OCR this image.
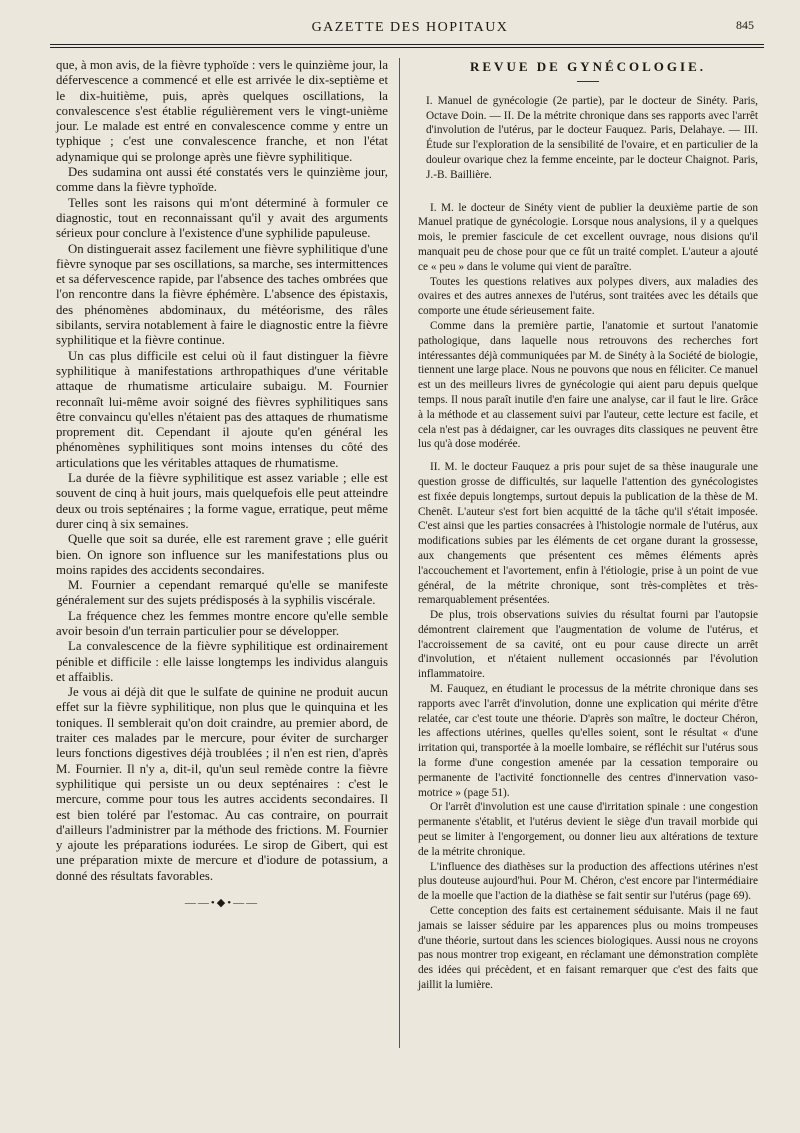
GAZETTE DES HOPITAUX	845

que, à mon avis, de la fièvre typhoïde : vers le quinzième jour, la défervescence a commencé et elle est arrivée le dix-septième et le dix-huitième, puis, après quelques oscillations, la convalescence s'est établie régulièrement vers le vingt-unième jour. Le malade est entré en convalescence comme y entre un typhique ; c'est une convalescence franche, et non l'état adynamique qui se prolonge après une fièvre syphilitique.

Des sudamina ont aussi été constatés vers le quinzième jour, comme dans la fièvre typhoïde.

Telles sont les raisons qui m'ont déterminé à formuler ce diagnostic, tout en reconnaissant qu'il y avait des arguments sérieux pour conclure à l'existence d'une syphilide papuleuse.

On distinguerait assez facilement une fièvre syphilitique d'une fièvre synoque par ses oscillations, sa marche, ses intermittences et sa défervescence rapide, par l'absence des taches ombrées que l'on rencontre dans la fièvre éphémère. L'absence des épistaxis, des phénomènes abdominaux, du météorisme, des râles sibilants, servira notablement à faire le diagnostic entre la fièvre syphilitique et la fièvre continue.

Un cas plus difficile est celui où il faut distinguer la fièvre syphilitique à manifestations arthropathiques d'une véritable attaque de rhumatisme articulaire subaigu. M. Fournier reconnaît lui-même avoir soigné des fièvres syphilitiques sans être convaincu qu'elles n'étaient pas des attaques de rhumatisme proprement dit. Cependant il ajoute qu'en général les phénomènes syphilitiques sont moins intenses du côté des articulations que les véritables attaques de rhumatisme.

La durée de la fièvre syphilitique est assez variable ; elle est souvent de cinq à huit jours, mais quelquefois elle peut atteindre deux ou trois septénaires ; la forme vague, erratique, peut même durer cinq à six semaines.

Quelle que soit sa durée, elle est rarement grave ; elle guérit bien. On ignore son influence sur les manifestations plus ou moins rapides des accidents secondaires.

M. Fournier a cependant remarqué qu'elle se manifeste généralement sur des sujets prédisposés à la syphilis viscérale.

La fréquence chez les femmes montre encore qu'elle semble avoir besoin d'un terrain particulier pour se développer.

La convalescence de la fièvre syphilitique est ordinairement pénible et difficile : elle laisse longtemps les individus alanguis et affaiblis.

Je vous ai déjà dit que le sulfate de quinine ne produit aucun effet sur la fièvre syphilitique, non plus que le quinquina et les toniques. Il semblerait qu'on doit craindre, au premier abord, de traiter ces malades par le mercure, pour éviter de surcharger leurs fonctions digestives déjà troublées ; il n'en est rien, d'après M. Fournier. Il n'y a, dit-il, qu'un seul remède contre la fièvre syphilitique qui persiste un ou deux septénaires : c'est le mercure, comme pour tous les autres accidents secondaires. Il est bien toléré par l'estomac. Au cas contraire, on pourrait d'ailleurs l'administrer par la méthode des frictions. M. Fournier y ajoute les préparations iodurées. Le sirop de Gibert, qui est une préparation mixte de mercure et d'iodure de potassium, a donné des résultats favorables.

——•◆•——
REVUE DE GYNÉCOLOGIE.

I. Manuel de gynécologie (2e partie), par le docteur de Sinéty. Paris, Octave Doin. — II. De la métrite chronique dans ses rapports avec l'arrêt d'involution de l'utérus, par le docteur Fauquez. Paris, Delahaye. — III. Étude sur l'exploration de la sensibilité de l'ovaire, et en particulier de la douleur ovarique chez la femme enceinte, par le docteur Chaignot. Paris, J.-B. Baillière.

I. M. le docteur de Sinéty vient de publier la deuxième partie de son Manuel pratique de gynécologie. Lorsque nous analysions, il y a quelques mois, le premier fascicule de cet excellent ouvrage, nous disions qu'il manquait peu de chose pour que ce fût un traité complet. L'auteur a ajouté ce « peu » dans le volume qui vient de paraître.

Toutes les questions relatives aux polypes divers, aux maladies des ovaires et des autres annexes de l'utérus, sont traitées avec les détails que comporte une étude sérieusement faite.

Comme dans la première partie, l'anatomie et surtout l'anatomie pathologique, dans laquelle nous retrouvons des recherches fort intéressantes déjà communiquées par M. de Sinéty à la Société de biologie, tiennent une large place. Nous ne pouvons que nous en féliciter. Ce manuel est un des meilleurs livres de gynécologie qui aient paru depuis quelque temps. Il nous paraît inutile d'en faire une analyse, car il faut le lire. Grâce à la méthode et au classement suivi par l'auteur, cette lecture est facile, et cela n'est pas à dédaigner, car les ouvrages dits classiques ne peuvent être lus qu'à dose modérée.

II. M. le docteur Fauquez a pris pour sujet de sa thèse inaugurale une question grosse de difficultés, sur laquelle l'attention des gynécologistes est fixée depuis longtemps, surtout depuis la publication de la thèse de M. Chenêt. L'auteur s'est fort bien acquitté de la tâche qu'il s'était imposée. C'est ainsi que les parties consacrées à l'histologie normale de l'utérus, aux modifications subies par les éléments de cet organe durant la grossesse, aux changements que présentent ces mêmes éléments après l'accouchement et l'avortement, enfin à l'étiologie, prise à un point de vue général, de la métrite chronique, sont très-complètes et très-remarquablement présentées.

De plus, trois observations suivies du résultat fourni par l'autopsie démontrent clairement que l'augmentation de volume de l'utérus, et l'accroissement de sa cavité, ont eu pour cause directe un arrêt d'involution, et n'étaient nullement occasionnés par l'évolution inflammatoire.

M. Fauquez, en étudiant le processus de la métrite chronique dans ses rapports avec l'arrêt d'involution, donne une explication qui mérite d'être relatée, car c'est toute une théorie. D'après son maître, le docteur Chéron, les affections utérines, quelles qu'elles soient, sont le résultat « d'une irritation qui, transportée à la moelle lombaire, se réfléchit sur l'utérus sous la forme d'une congestion amenée par la cessation temporaire ou permanente de l'activité fonctionnelle des centres d'innervation vaso-motrice » (page 51).

Or l'arrêt d'involution est une cause d'irritation spinale : une congestion permanente s'établit, et l'utérus devient le siège d'un travail morbide qui peut se limiter à l'engorgement, ou donner lieu aux altérations de texture de la métrite chronique.

L'influence des diathèses sur la production des affections utérines n'est plus douteuse aujourd'hui. Pour M. Chéron, c'est encore par l'intermédiaire de la moelle que l'action de la diathèse se fait sentir sur l'utérus (page 69).

Cette conception des faits est certainement séduisante. Mais il ne faut jamais se laisser séduire par les apparences plus ou moins trompeuses d'une théorie, surtout dans les sciences biologiques. Aussi nous ne croyons pas nous montrer trop exigeant, en réclamant une démonstration complète des idées qui précèdent, et en faisant remarquer que c'est des faits que jaillit la lumière.
